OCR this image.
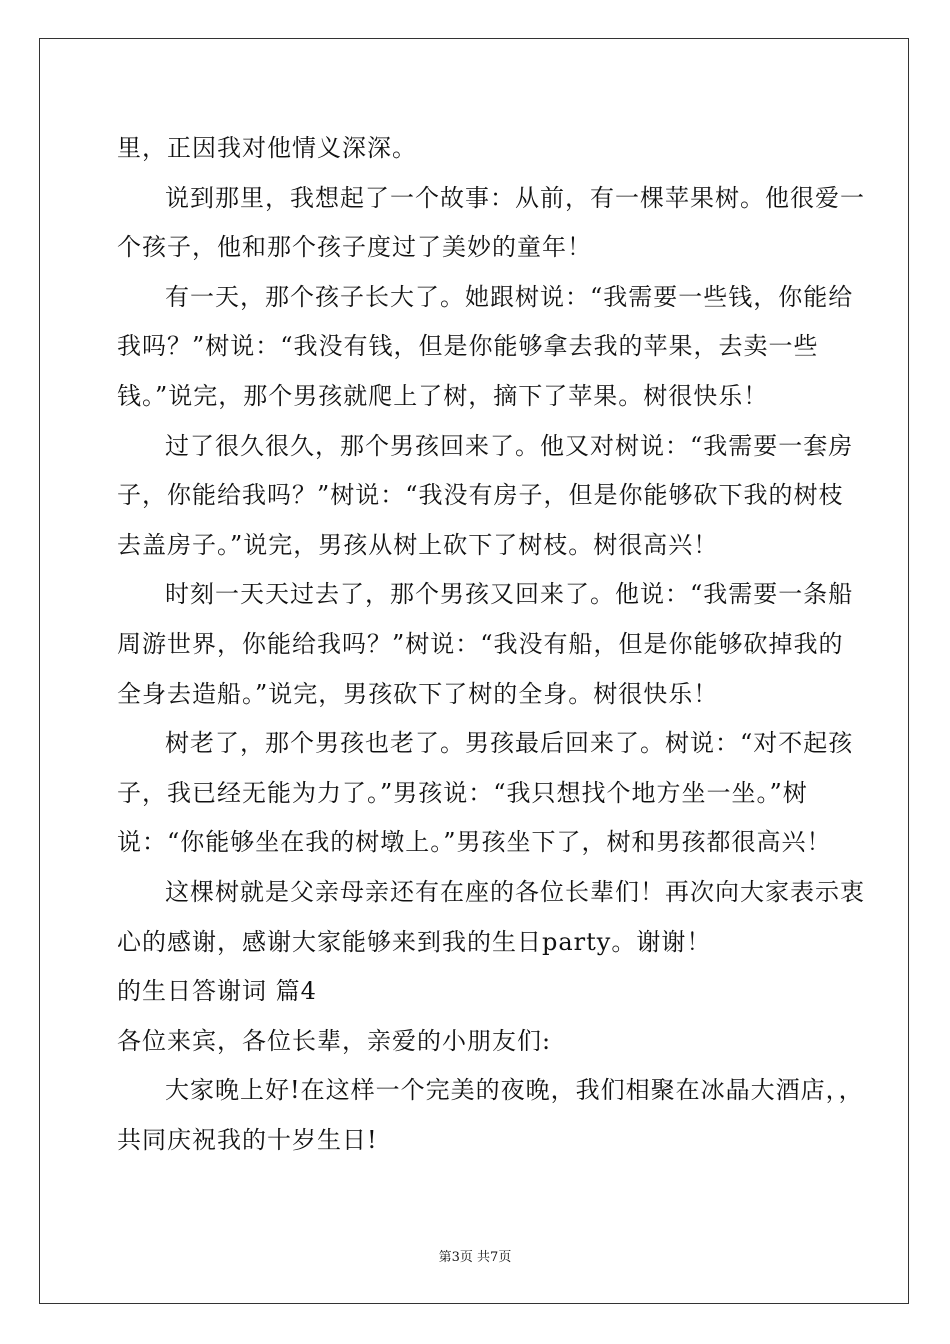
里，正因我对他情义深深。
说到那里，我想起了一个故事：从前，有一棵苹果树。他很爱一
个孩子，他和那个孩子度过了美妙的童年！
有一天，那个孩子长大了。她跟树说：“我需要一些钱，你能给
我吗？”树说：“我没有钱，但是你能够拿去我的苹果，去卖一些
钱。”说完，那个男孩就爬上了树，摘下了苹果。树很快乐！
过了很久很久，那个男孩回来了。他又对树说：“我需要一套房
子，你能给我吗？”树说：“我没有房子，但是你能够砍下我的树枝
去盖房子。”说完，男孩从树上砍下了树枝。树很高兴！
时刻一天天过去了，那个男孩又回来了。他说：“我需要一条船
周游世界，你能给我吗？”树说：“我没有船，但是你能够砍掉我的
全身去造船。”说完，男孩砍下了树的全身。树很快乐！
树老了，那个男孩也老了。男孩最后回来了。树说：“对不起孩
子，我已经无能为力了。”男孩说：“我只想找个地方坐一坐。”树
说：“你能够坐在我的树墩上。”男孩坐下了，树和男孩都很高兴！
这棵树就是父亲母亲还有在座的各位长辈们！再次向大家表示衷
心的感谢，感谢大家能够来到我的生日party。谢谢！
的生日答谢词 篇4
各位来宾，各位长辈，亲爱的小朋友们:
大家晚上好!在这样一个完美的夜晚，我们相聚在冰晶大酒店，，
共同庆祝我的十岁生日!
第3页 共7页
